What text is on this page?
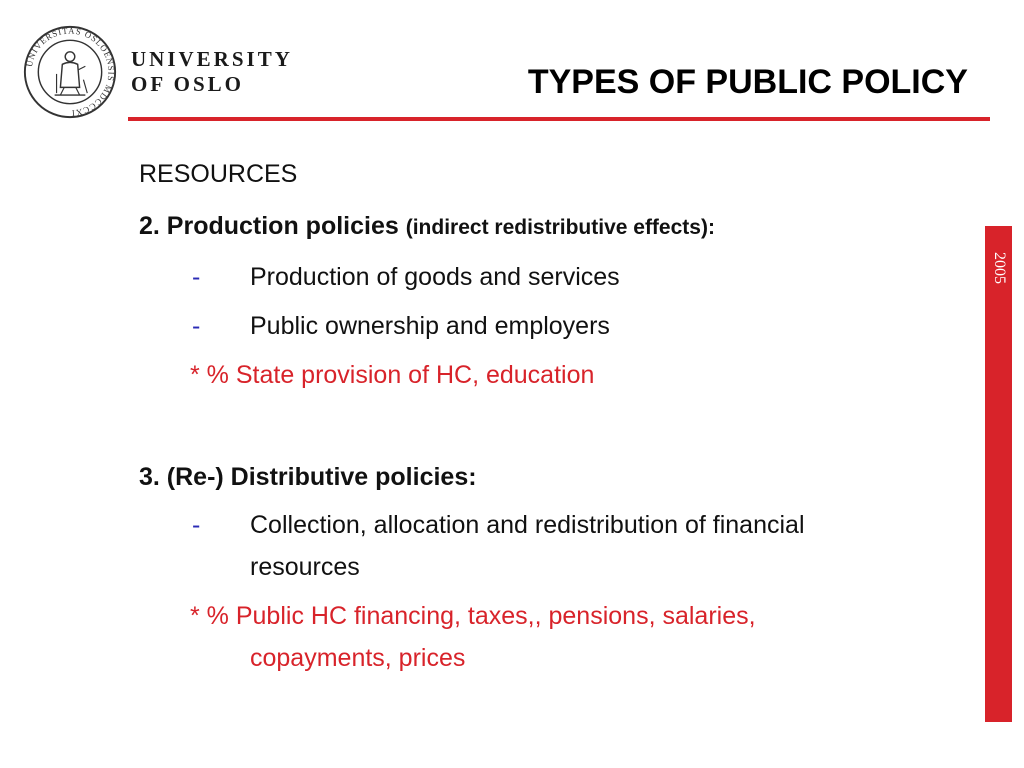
UNIVERSITAS OSLOENSIS MDCCCXI
UNIVERSITY
OF OSLO	TYPES OF PUBLIC POLICY
2005
RESOURCES
2. Production policies (indirect redistributive effects):
- Production of goods and services
- Public ownership and employers
* % State provision of HC, education
3. (Re-) Distributive policies:
- Collection, allocation and redistribution of financial
resources
* % Public HC financing, taxes,, pensions, salaries,
copayments, prices
